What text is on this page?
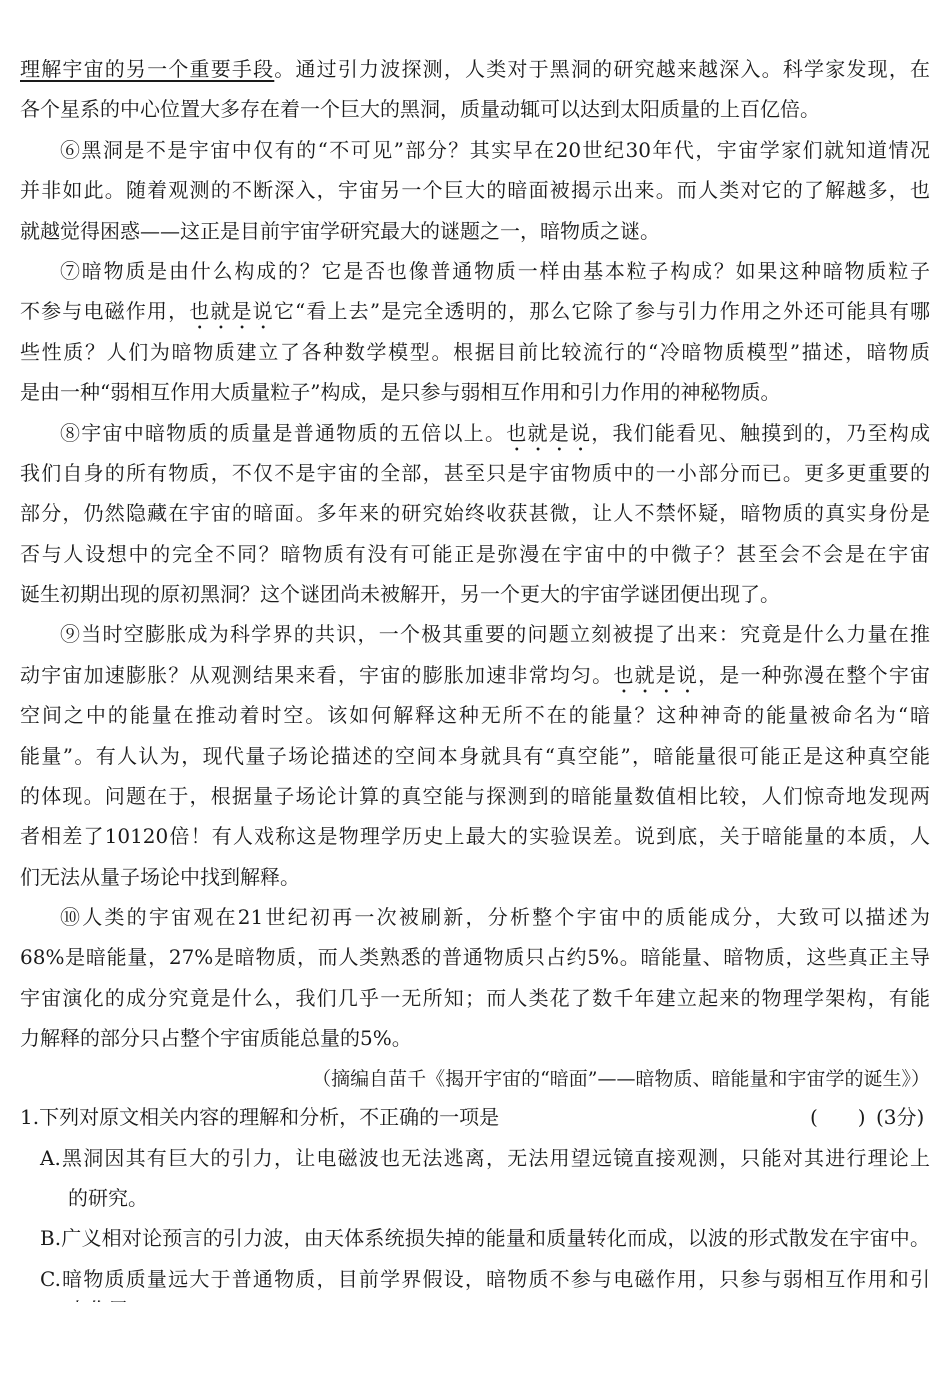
理解宇宙的另一个重要手段。通过引力波探测，人类对于黑洞的研究越来越深入。科学家发现，在
各个星系的中心位置大多存在着一个巨大的黑洞，质量动辄可以达到太阳质量的上百亿倍。
⑥黑洞是不是宇宙中仅有的“不可见”部分？其实早在20世纪30年代，宇宙学家们就知道情况
并非如此。随着观测的不断深入，宇宙另一个巨大的暗面被揭示出来。而人类对它的了解越多，也
就越觉得困惑——这正是目前宇宙学研究最大的谜题之一，暗物质之谜。
⑦暗物质是由什么构成的？它是否也像普通物质一样由基本粒子构成？如果这种暗物质粒子
不参与电磁作用，也就是说它“看上去”是完全透明的，那么它除了参与引力作用之外还可能具有哪
些性质？人们为暗物质建立了各种数学模型。根据目前比较流行的“冷暗物质模型”描述，暗物质
是由一种“弱相互作用大质量粒子”构成，是只参与弱相互作用和引力作用的神秘物质。
⑧宇宙中暗物质的质量是普通物质的五倍以上。也就是说，我们能看见、触摸到的，乃至构成
我们自身的所有物质，不仅不是宇宙的全部，甚至只是宇宙物质中的一小部分而已。更多更重要的
部分，仍然隐藏在宇宙的暗面。多年来的研究始终收获甚微，让人不禁怀疑，暗物质的真实身份是
否与人设想中的完全不同？暗物质有没有可能正是弥漫在宇宙中的中微子？甚至会不会是在宇宙
诞生初期出现的原初黑洞？这个谜团尚未被解开，另一个更大的宇宙学谜团便出现了。
⑨当时空膨胀成为科学界的共识，一个极其重要的问题立刻被提了出来：究竟是什么力量在推
动宇宙加速膨胀？从观测结果来看，宇宙的膨胀加速非常均匀。也就是说，是一种弥漫在整个宇宙
空间之中的能量在推动着时空。该如何解释这种无所不在的能量？这种神奇的能量被命名为“暗
能量”。有人认为，现代量子场论描述的空间本身就具有“真空能”，暗能量很可能正是这种真空能
的体现。问题在于，根据量子场论计算的真空能与探测到的暗能量数值相比较，人们惊奇地发现两
者相差了10120倍！有人戏称这是物理学历史上最大的实验误差。说到底，关于暗能量的本质，人
们无法从量子场论中找到解释。
⑩人类的宇宙观在21世纪初再一次被刷新，分析整个宇宙中的质能成分，大致可以描述为
68%是暗能量，27%是暗物质，而人类熟悉的普通物质只占约5%。暗能量、暗物质，这些真正主导
宇宙演化的成分究竟是什么，我们几乎一无所知；而人类花了数千年建立起来的物理学架构，有能
力解释的部分只占整个宇宙质能总量的5%。
（摘编自苗千《揭开宇宙的“暗面”——暗物质、暗能量和宇宙学的诞生》）
1.下列对原文相关内容的理解和分析，不正确的一项是	(　　) (3分)
A.黑洞因其有巨大的引力，让电磁波也无法逃离，无法用望远镜直接观测，只能对其进行理论上
的研究。
B.广义相对论预言的引力波，由天体系统损失掉的能量和质量转化而成，以波的形式散发在宇宙中。
C.暗物质质量远大于普通物质，目前学界假设，暗物质不参与电磁作用，只参与弱相互作用和引
